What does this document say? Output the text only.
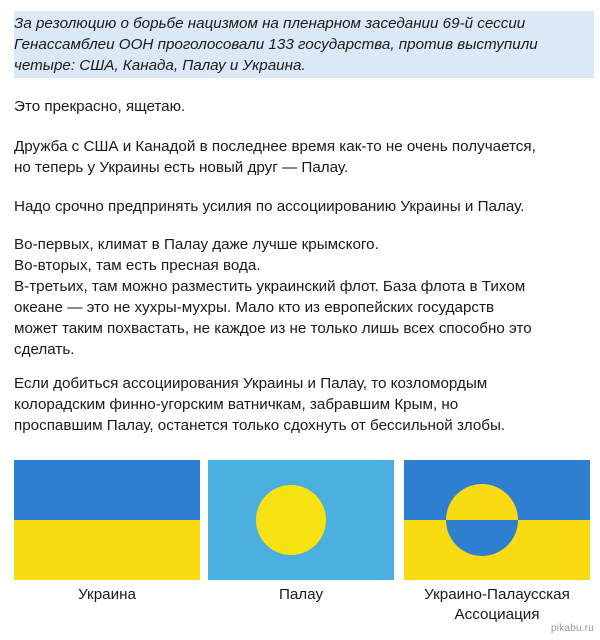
За резолюцию о борьбе нацизмом на пленарном заседании 69-й сессии
Генассамблеи ООН проголосовали 133 государства, против выступили
четыре: США, Канада, Палау и Украина.
Это прекрасно, ящетаю.
Дружба с США и Канадой в последнее время как-то не очень получается,
но теперь у Украины есть новый друг — Палау.
Надо срочно предпринять усилия по ассоциированию Украины и Палау.
Во-первых, климат в Палау даже лучше крымского.
Во-вторых, там есть пресная вода.
В-третьих, там можно разместить украинский флот. База флота в Тихом
океане — это не хухры-мухры. Мало кто из европейских государств
может таким похвастать, не каждое из не только лишь всех способно это
сделать.
Если добиться ассоциирования Украины и Палау, то козломордым
колорадским финно-угорским ватничкам, забравшим Крым, но
проспавшим Палау, останется только сдохнуть от бессильной злобы.
Украина	Палау	Украино-Палаусская
Ассоциация
pikabu.ru
